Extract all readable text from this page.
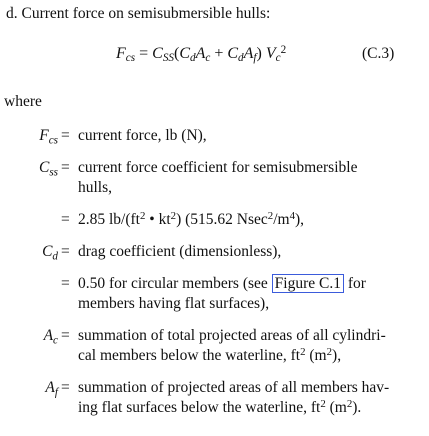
d. Current force on semisubmersible hulls:
$F_{cs} = C_{SS}(C_dA_c + C_dA_f)$ $V_c^2$	(C.3)
where
$F_{cs}$ = current force, lb (N),
$C_{ss}$ = current force coefficient for semisubmersible
hulls,
= 2.85 $lb/(ft^2$ • $kt^2$) (515.62 $Nsec^2/m^4$),
$C_d$ = drag coefficient (dimensionless),
= 0.50 for circular members (see Figure C.1 for
members having flat surfaces),
$A_c$ = summation of total projected areas of all cylindri-
cal members below the waterline, $ft^2$ $(m^2)$,
$A_f$ = summation of projected areas of all members hav-
ing flat surfaces below the waterline, $ft^2$ $(m^2)$.
